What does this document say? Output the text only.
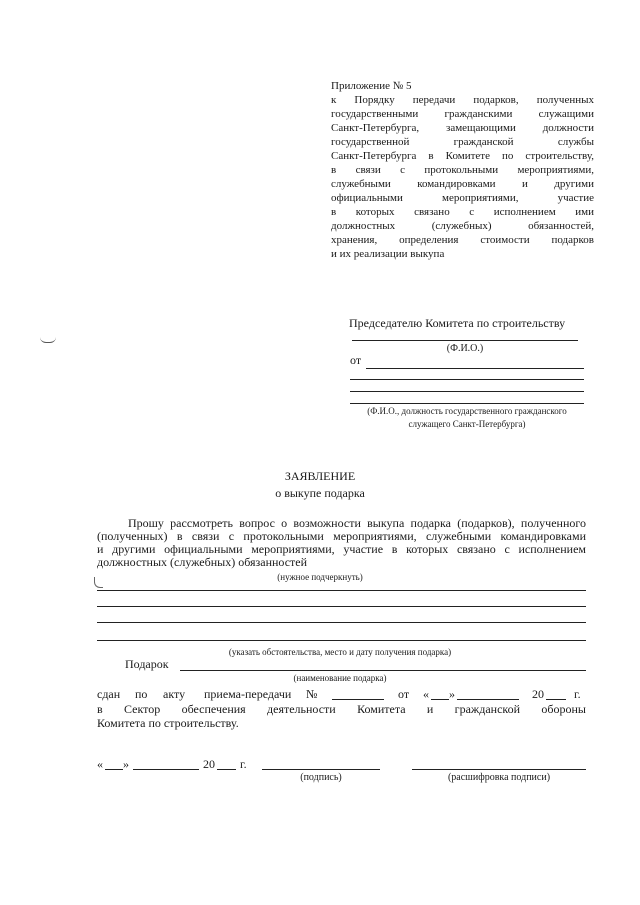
Приложение № 5
к Порядку передачи подарков, полученных
государственными гражданскими служащими
Санкт-Петербурга, замещающими должности
государственной гражданской службы
Санкт-Петербурга в Комитете по строительству,
в связи с протокольными мероприятиями,
служебными командировками и другими
официальными мероприятиями, участие
в которых связано с исполнением ими
должностных (служебных) обязанностей,
хранения, определения стоимости подарков
и их реализации выкупа
Председателю Комитета по строительству
(Ф.И.О.)
от
(Ф.И.О., должность государственного гражданского
служащего Санкт-Петербурга)
ЗАЯВЛЕНИЕ
о выкупе подарка
Прошу рассмотреть вопрос о возможности выкупа подарка (подарков), полученного
(полученных) в связи с протокольными мероприятиями, служебными командировками
и другими официальными мероприятиями, участие в которых связано с исполнением
должностных (служебных) обязанностей
(нужное подчеркнуть)
(указать обстоятельства, место и дату получения подарка)
Подарок
(наименование подарка)
сдан по акту приема-передачи №	от « »	20	г.
в Сектор обеспечения деятельности Комитета и гражданской обороны
Комитета по строительству.
« »	20 г.
(подпись)	(расшифровка подписи)
